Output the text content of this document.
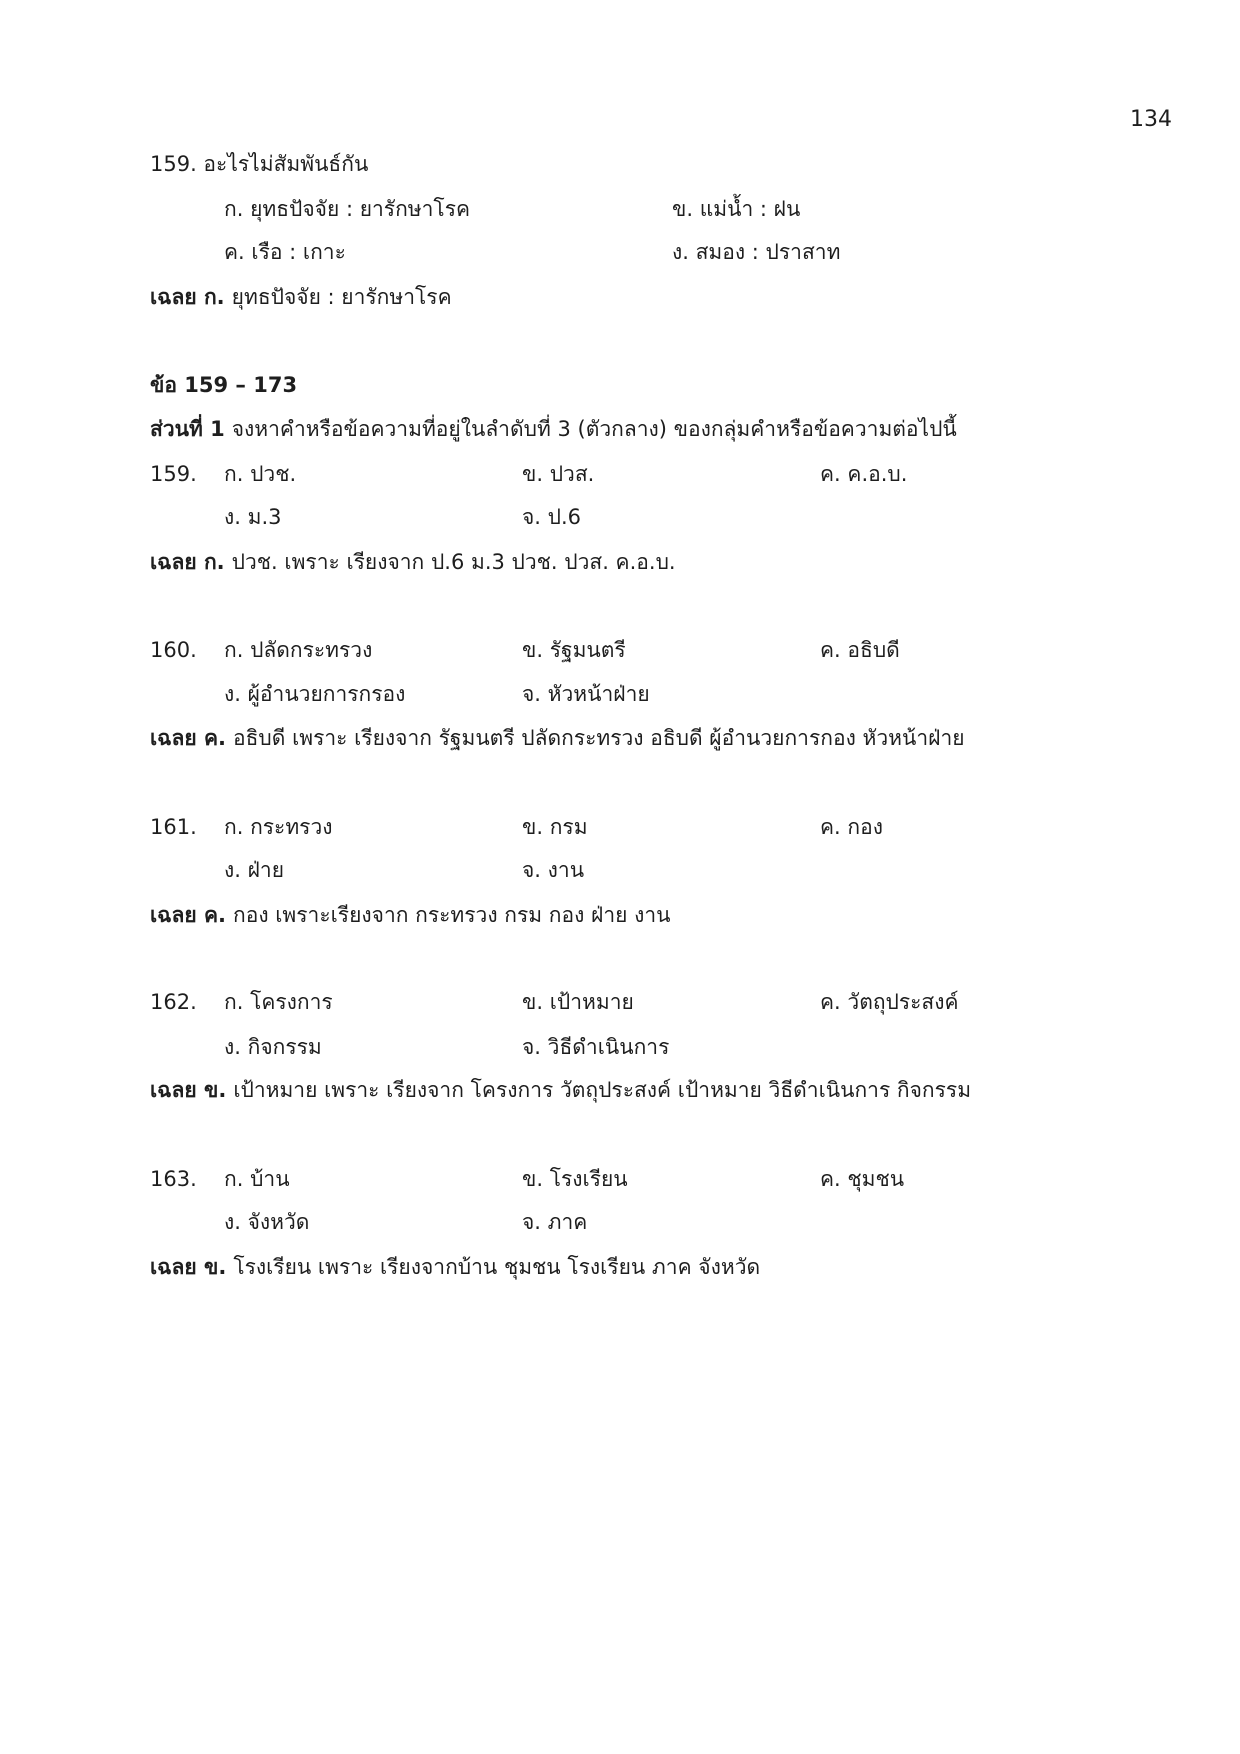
134
159. อะไรไม่สัมพันธ์กัน
ก. ยุทธปัจจัย : ยารักษาโรค	ข. แม่น้ำ : ฝน
ค. เรือ : เกาะ	ง. สมอง : ปราสาท
เฉลย ก. ยุทธปัจจัย : ยารักษาโรค
ข้อ 159 – 173
ส่วนที่ 1 จงหาคำหรือข้อความที่อยู่ในลำดับที่ 3 (ตัวกลาง) ของกลุ่มคำหรือข้อความต่อไปนี้
159. ก. ปวช.	ข. ปวส.	ค. ค.อ.บ.
ง. ม.3	จ. ป.6
เฉลย ก. ปวช. เพราะ เรียงจาก ป.6 ม.3 ปวช. ปวส. ค.อ.บ.
160. ก. ปลัดกระทรวง	ข. รัฐมนตรี	ค. อธิบดี
ง. ผู้อำนวยการกรอง	จ. หัวหน้าฝ่าย
เฉลย ค. อธิบดี เพราะ เรียงจาก รัฐมนตรี ปลัดกระทรวง อธิบดี ผู้อำนวยการกอง หัวหน้าฝ่าย
161. ก. กระทรวง	ข. กรม	ค. กอง
ง. ฝ่าย	จ. งาน
เฉลย ค. กอง เพราะเรียงจาก กระทรวง กรม กอง ฝ่าย งาน
162. ก. โครงการ	ข. เป้าหมาย	ค. วัตถุประสงค์
ง. กิจกรรม	จ. วิธีดำเนินการ
เฉลย ข. เป้าหมาย เพราะ เรียงจาก โครงการ วัตถุประสงค์ เป้าหมาย วิธีดำเนินการ กิจกรรม
163. ก. บ้าน	ข. โรงเรียน	ค. ชุมชน
ง. จังหวัด	จ. ภาค
เฉลย ข. โรงเรียน เพราะ เรียงจากบ้าน ชุมชน โรงเรียน ภาค จังหวัด
